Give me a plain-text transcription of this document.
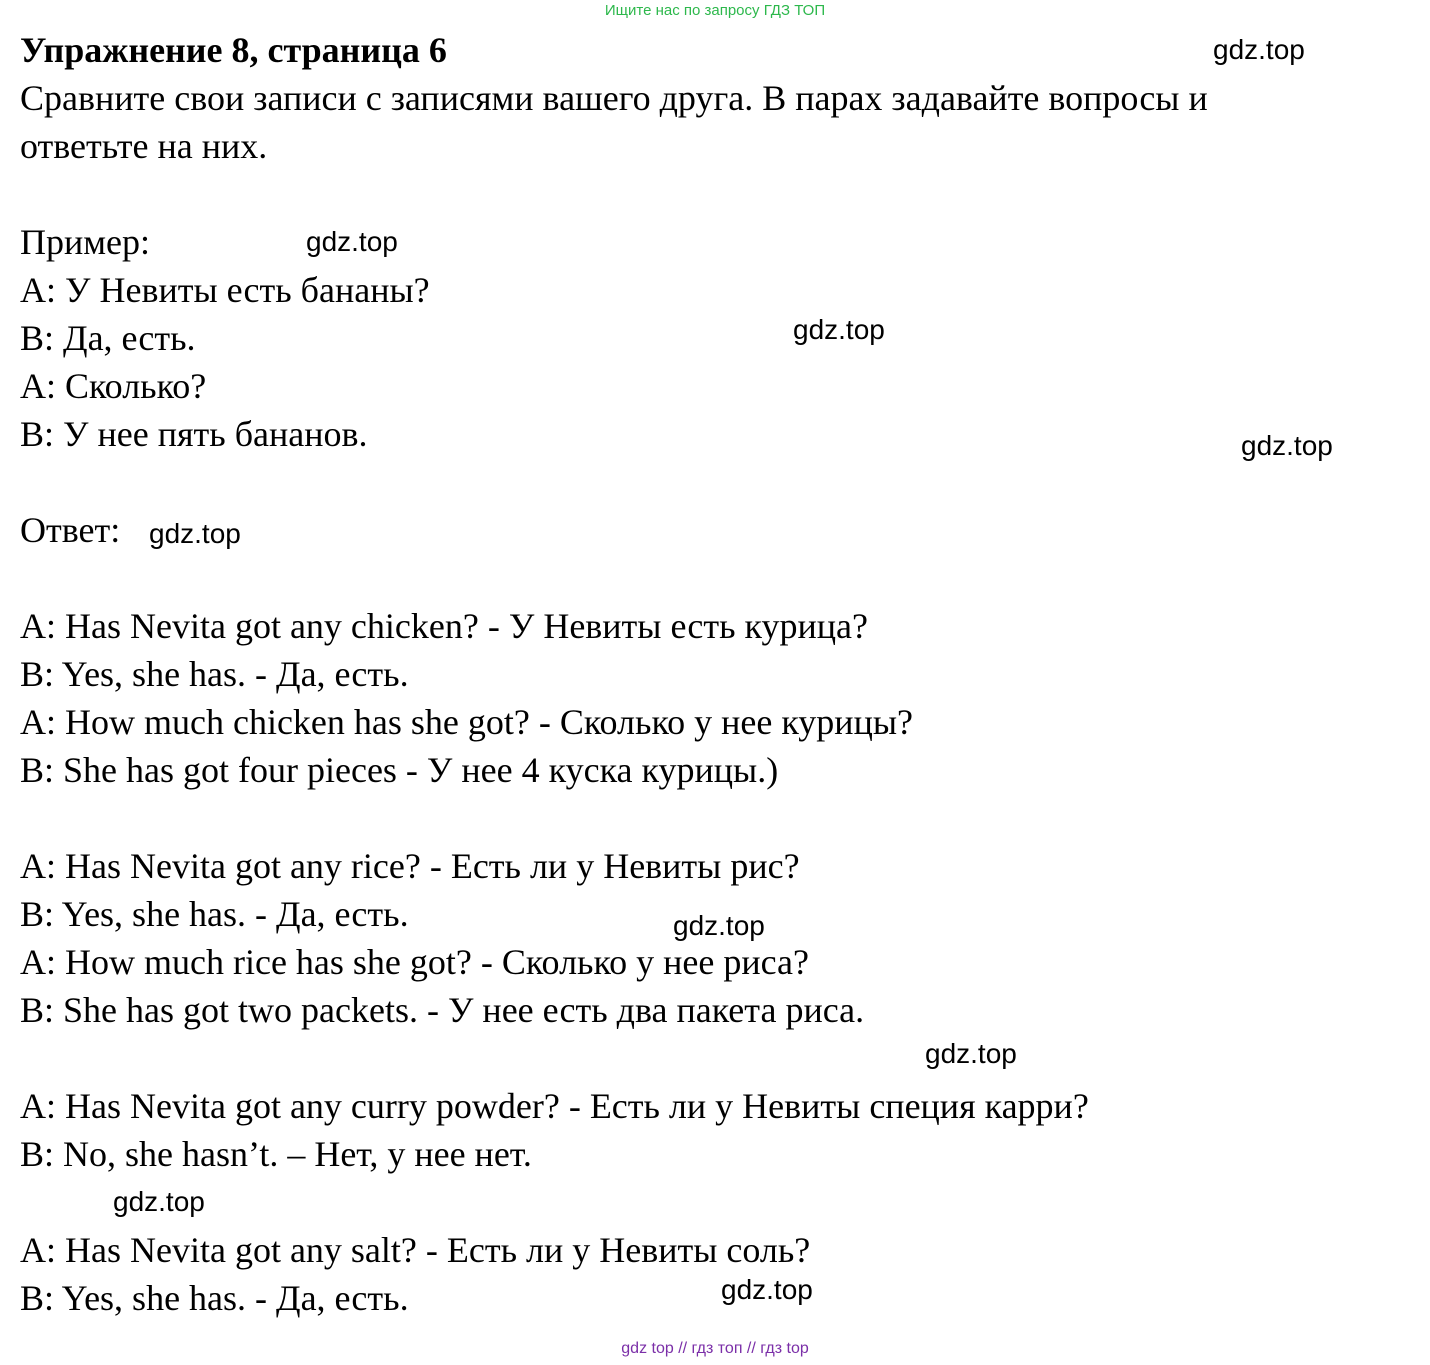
Ищите нас по запросу ГДЗ ТОП
Упражнение 8, страница 6
Сравните свои записи с записями вашего друга. В парах задавайте вопросы и
ответьте на них.
Пример:
A: У Невиты есть бананы?
B: Да, есть.
A: Сколько?
B: У нее пять бананов.
Ответ:
A: Has Nevita got any chicken? - У Невиты есть курица?
B: Yes, she has. - Да, есть.
A: How much chicken has she got? - Сколько у нее курицы?
B: She has got four pieces - У нее 4 куска курицы.)
A: Has Nevita got any rice? - Есть ли у Невиты рис?
B: Yes, she has. - Да, есть.
A: How much rice has she got? - Сколько у нее риса?
B: She has got two packets. - У нее есть два пакета риса.
A: Has Nevita got any curry powder? - Есть ли у Невиты специя карри?
B: No, she hasn’t. – Нет, у нее нет.
A: Has Nevita got any salt? - Есть ли у Невиты соль?
B: Yes, she has. - Да, есть.
gdz.top
gdz.top
gdz.top
gdz.top
gdz.top
gdz.top
gdz.top
gdz.top
gdz.top
gdz top // гдз топ // гдз top
